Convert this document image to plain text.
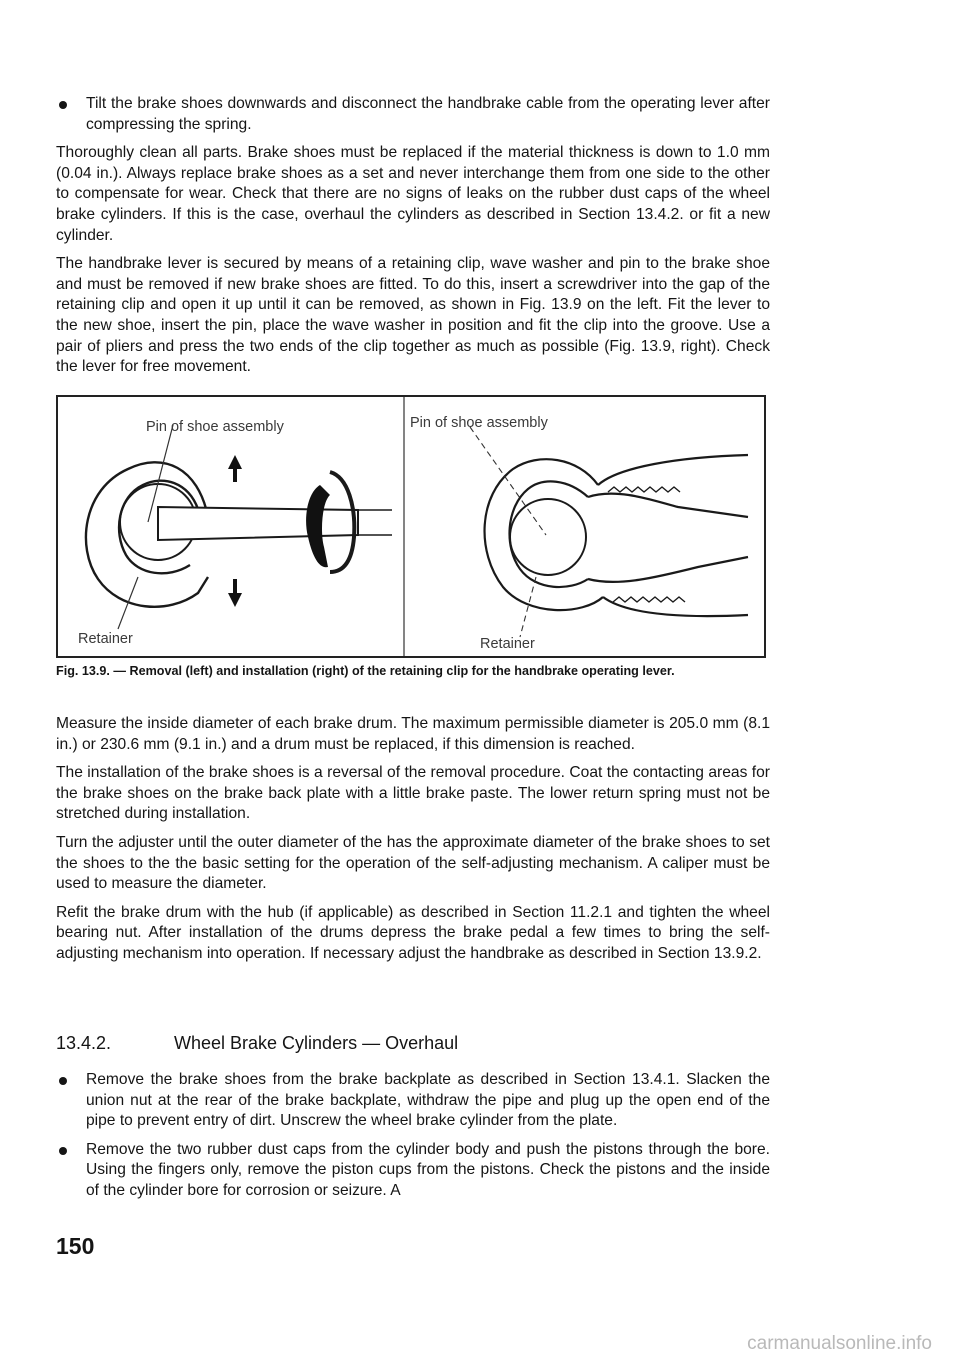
Tilt the brake shoes downwards and disconnect the handbrake cable from the operating lever after compressing the spring.

Thoroughly clean all parts. Brake shoes must be replaced if the material thickness is down to 1.0 mm (0.04 in.). Always replace brake shoes as a set and never interchange them from one side to the other to compensate for wear. Check that there are no signs of leaks on the rubber dust caps of the wheel brake cylinders. If this is the case, overhaul the cylinders as described in Section 13.4.2. or fit a new cylinder.

The handbrake lever is secured by means of a retaining clip, wave washer and pin to the brake shoe and must be removed if new brake shoes are fitted. To do this, insert a screwdriver into the gap of the retaining clip and open it up until it can be removed, as shown in Fig. 13.9 on the left. Fit the lever to the new shoe, insert the pin, place the wave washer in position and fit the clip into the groove. Use a pair of pliers and press the two ends of the clip together as much as possible (Fig. 13.9, right). Check the lever for free movement.

Pin of shoe assembly	Pin of shoe assembly
Retainer	Retainer
Fig. 13.9. — Removal (left) and installation (right) of the retaining clip for the handbrake operating lever.

Measure the inside diameter of each brake drum. The maximum permissible diameter is 205.0 mm (8.1 in.) or 230.6 mm (9.1 in.) and a drum must be replaced, if this dimension is reached.

The installation of the brake shoes is a reversal of the removal procedure. Coat the contacting areas for the brake shoes on the brake back plate with a little brake paste. The lower return spring must not be stretched during installation.

Turn the adjuster until the outer diameter of the has the approximate diameter of the brake shoes to set the shoes to the the basic setting for the operation of the self-adjusting mechanism. A caliper must be used to measure the diameter.

Refit the brake drum with the hub (if applicable) as described in Section 11.2.1 and tighten the wheel bearing nut. After installation of the drums depress the brake pedal a few times to bring the self-adjusting mechanism into operation. If necessary adjust the handbrake as described in Section 13.9.2.

13.4.2.	Wheel Brake Cylinders — Overhaul

Remove the brake shoes from the brake backplate as described in Section 13.4.1. Slacken the union nut at the rear of the brake backplate, withdraw the pipe and plug up the open end of the pipe to prevent entry of dirt. Unscrew the wheel brake cylinder from the plate.

Remove the two rubber dust caps from the cylinder body and push the pistons through the bore. Using the fingers only, remove the piston cups from the pistons. Check the pistons and the inside of the cylinder bore for corrosion or seizure. A

150
carmanualsonline.info
